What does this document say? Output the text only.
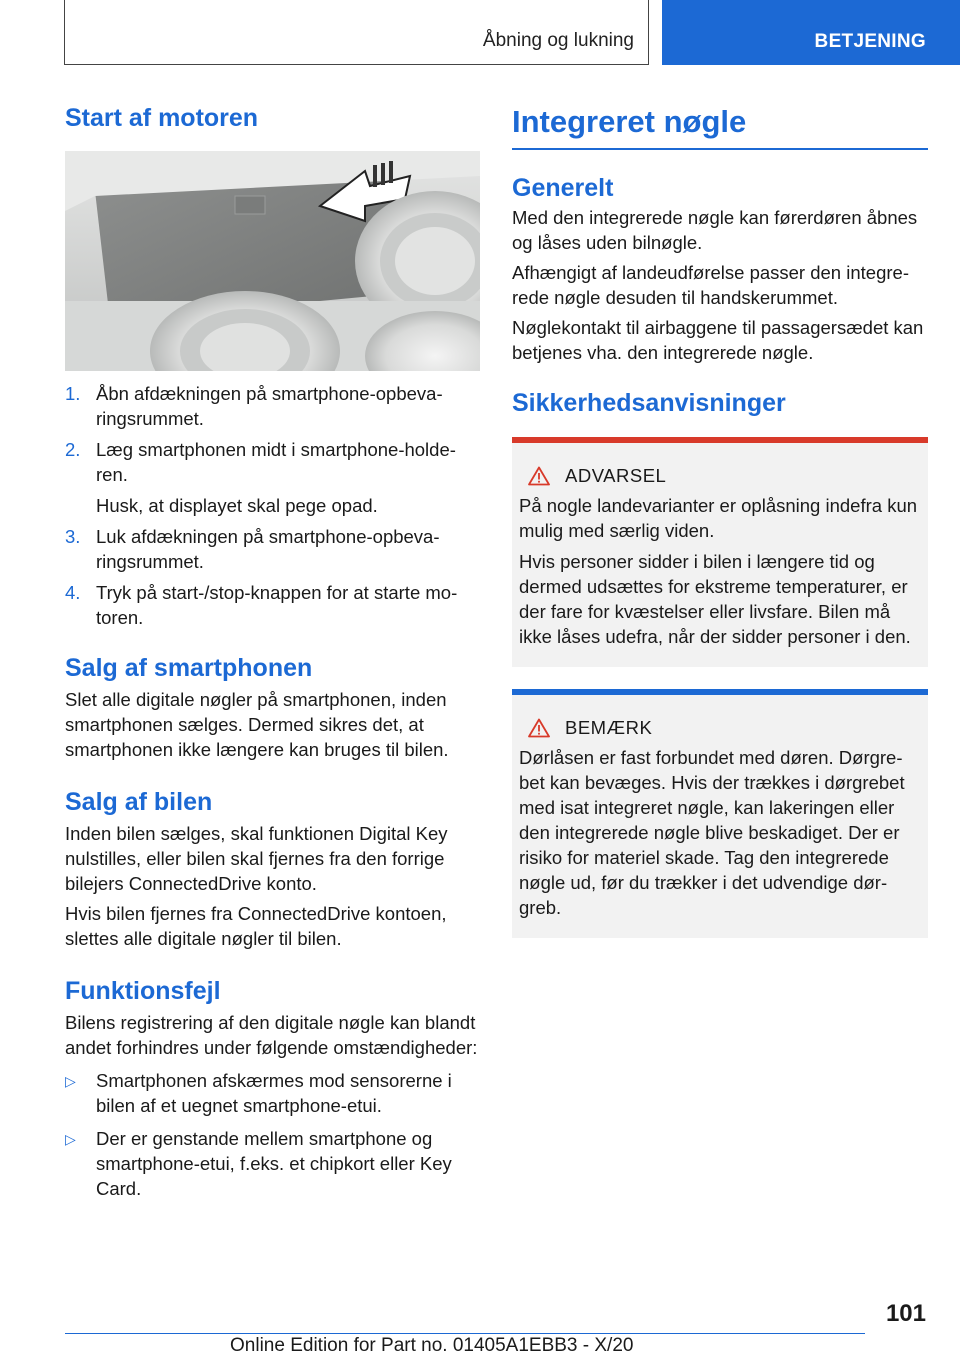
Åbning og lukning	BETJENING
Start af motoren
1. Åbn afdækningen på smartphone-opbevaringsrummet.
2. Læg smartphonen midt i smartphone-holderen.
Husk, at displayet skal pege opad.
3. Luk afdækningen på smartphone-opbevaringsrummet.
4. Tryk på start-/stop-knappen for at starte motoren.
Salg af smartphonen

Slet alle digitale nøgler på smartphonen, inden smartphonen sælges. Dermed sikres det, at smartphonen ikke længere kan bruges til bilen.

Salg af bilen

Inden bilen sælges, skal funktionen Digital Key nulstilles, eller bilen skal fjernes fra den forrige bilejers ConnectedDrive konto.

Hvis bilen fjernes fra ConnectedDrive kontoen, slettes alle digitale nøgler til bilen.

Funktionsfejl

Bilens registrering af den digitale nøgle kan blandt andet forhindres under følgende omstændigheder:

▷ Smartphonen afskærmes mod sensorerne i bilen af et uegnet smartphone-etui.
▷ Der er genstande mellem smartphone og smartphone-etui, f.eks. et chipkort eller Key Card.
Integreret nøgle
Generelt

Med den integrerede nøgle kan førerdøren åbnes og låses uden bilnøgle.

Afhængigt af landeudførelse passer den integrerede nøgle desuden til handskerummet.

Nøglekontakt til airbaggene til passagersædet kan betjenes vha. den integrerede nøgle.

Sikkerhedsanvisninger
ADVARSEL

På nogle landevarianter er oplåsning indefra kun mulig med særlig viden.

Hvis personer sidder i bilen i længere tid og dermed udsættes for ekstreme temperaturer, er der fare for kvæstelser eller livsfare. Bilen må ikke låses udefra, når der sidder personer i den.

BEMÆRK

Dørlåsen er fast forbundet med døren. Dørgrebet kan bevæges. Hvis der trækkes i dørgrebet med isat integreret nøgle, kan lakeringen eller den integrerede nøgle blive beskadiget. Der er risiko for materiel skade. Tag den integrerede nøgle ud, før du trækker i det udvendige dørgreb.

101
Online Edition for Part no. 01405A1EBB3 - X/20
